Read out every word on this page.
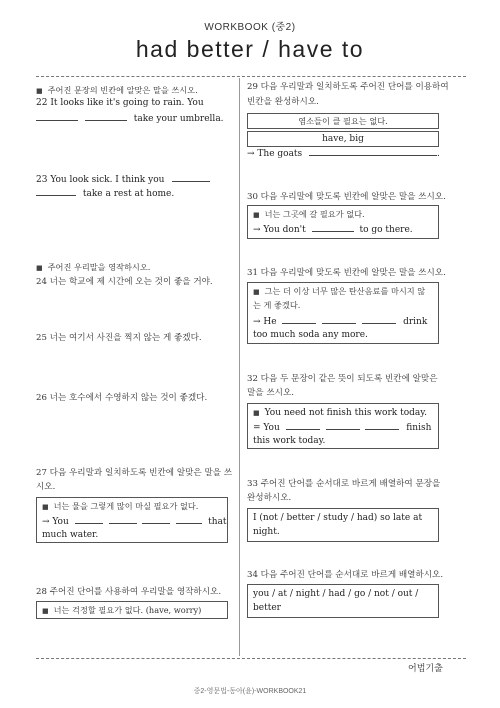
WORKBOOK (중2)
had better / have to
■ 주어진 문장의 빈칸에 알맞은 말을 쓰시오.
22 It looks like it's going to rain. You
take your umbrella.
23 You look sick. I think you
take a rest at home.
■ 주어진 우리말을 영작하시오.
24 너는 학교에 제 시간에 오는 것이 좋을 거야.
25 너는 여기서 사진을 찍지 않는 게 좋겠다.
26 너는 호수에서 수영하지 않는 것이 좋겠다.
27 다음 우리말과 일치하도록 빈칸에 알맞은 말을 쓰
시오.
■ 너는 물을 그렇게 많이 마실 필요가 없다.
→ You	that
much water.
28 주어진 단어를 사용하여 우리말을 영작하시오.
■ 너는 걱정할 필요가 없다. (have, worry)
29 다음 우리말과 일치하도록 주어진 단어를 이용하여
빈칸을 완성하시오.
염소들이 클 필요는 없다.
have, big
→ The goats	.
30 다음 우리말에 맞도록 빈칸에 알맞은 말을 쓰시오.
■ 너는 그곳에 갈 필요가 없다.
→ You don't	to go there.
31 다음 우리말에 맞도록 빈칸에 알맞은 말을 쓰시오.
■ 그는 더 이상 너무 많은 탄산음료를 마시지 않
는 게 좋겠다.
→ He	drink
too much soda any more.
32 다음 두 문장이 같은 뜻이 되도록 빈칸에 알맞은
말을 쓰시오.
■ You need not finish this work today.
= You	finish
this work today.
33 주어진 단어를 순서대로 바르게 배열하여 문장을
완성하시오.
I (not / better / study / had) so late at
night.
34 다음 주어진 단어를 순서대로 바르게 배열하시오.
you / at / night / had / go / not / out /
better
어법기출
중2-영문법-동아(윤)-WORKBOOK21
